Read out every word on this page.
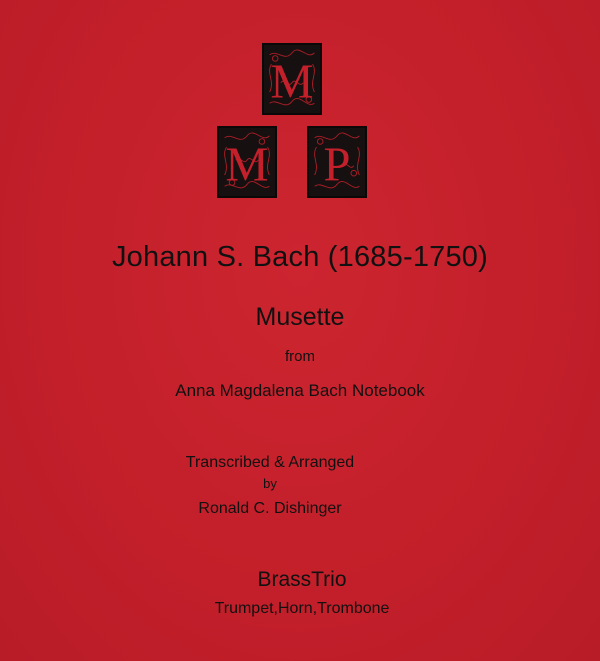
M
M P
Johann S. Bach (1685-1750)
Musette
from
Anna Magdalena Bach Notebook
Transcribed & Arranged
by
Ronald C. Dishinger
BrassTrio
Trumpet,Horn,Trombone
